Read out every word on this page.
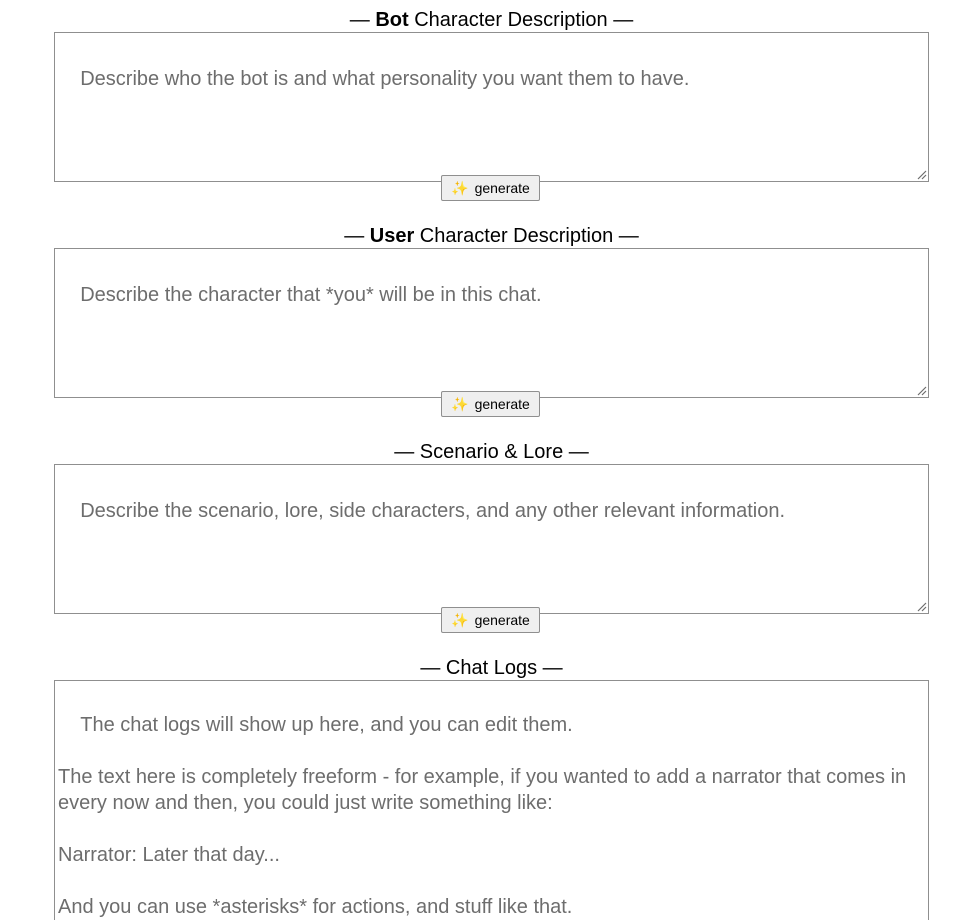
— Bot Character Description —

Describe who the bot is and what personality you want them to have.

✨ generate
— User Character Description —

Describe the character that *you* will be in this chat.

✨ generate
— Scenario & Lore —

Describe the scenario, lore, side characters, and any other relevant information.

✨ generate
— Chat Logs —

The chat logs will show up here, and you can edit them.

The text here is completely freeform - for example, if you wanted to add a narrator that comes in every now and then, you could just write something like:

Narrator: Later that day...

And you can use *asterisks* for actions, and stuff like that.
